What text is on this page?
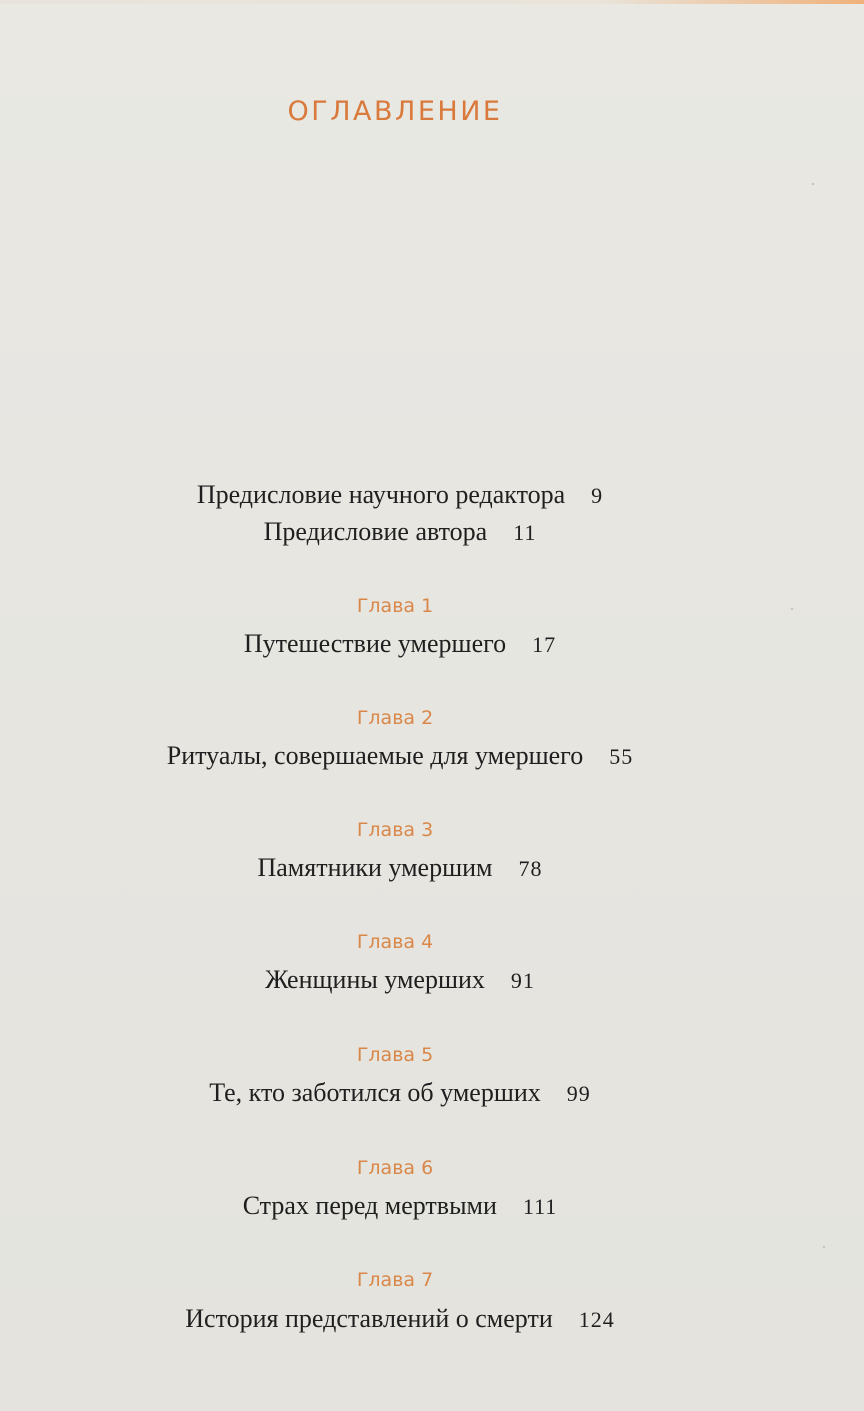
ОГЛАВЛЕНИЕ
Предисловие научного редактора 9
Предисловие автора 11
Глава 1
Путешествие умершего 17
Глава 2
Ритуалы, совершаемые для умершего 55
Глава 3
Памятники умершим 78
Глава 4
Женщины умерших 91
Глава 5
Те, кто заботился об умерших 99
Глава 6
Страх перед мертвыми 111
Глава 7
История представлений о смерти 124
